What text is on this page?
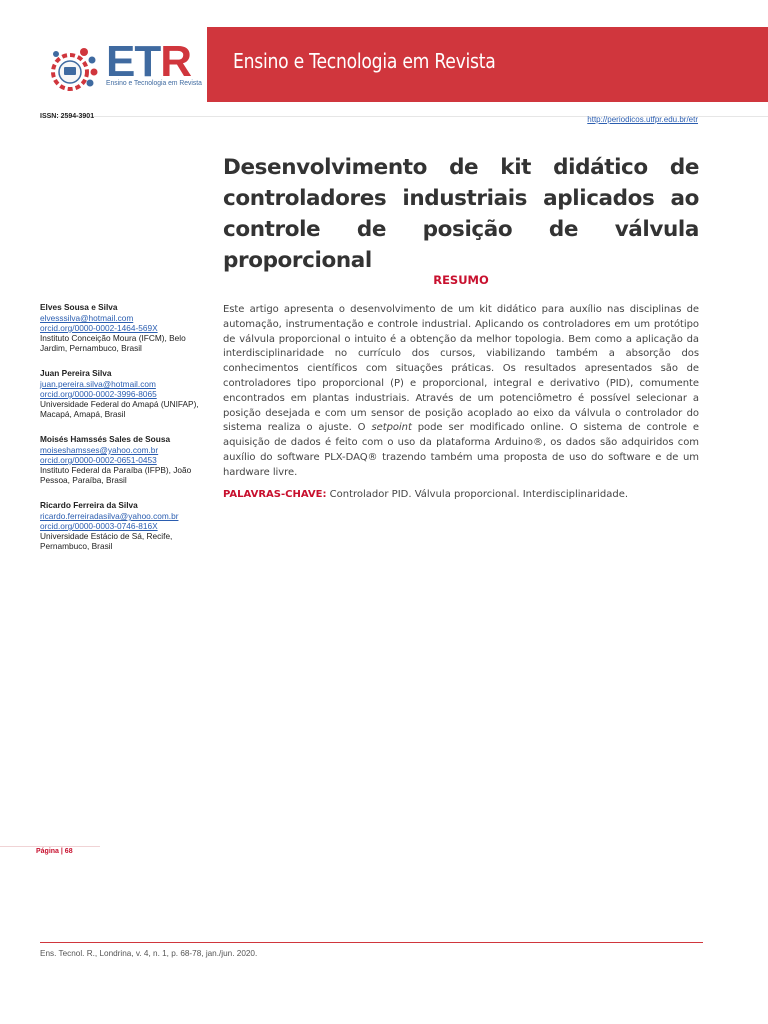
ETR
Ensino e Tecnologia em Revista
Ensino e Tecnologia em Revista
ISSN: 2594-3901	http://periodicos.utfpr.edu.br/etr
Desenvolvimento de kit didático de controladores industriais aplicados ao controle de posição de válvula proporcional
RESUMO
Este artigo apresenta o desenvolvimento de um kit didático para auxílio nas disciplinas de automação, instrumentação e controle industrial. Aplicando os controladores em um protótipo de válvula proporcional o intuito é a obtenção da melhor topologia. Bem como a aplicação da interdisciplinaridade no currículo dos cursos, viabilizando também a absorção dos conhecimentos científicos com situações práticas. Os resultados apresentados são de controladores tipo proporcional (P) e proporcional, integral e derivativo (PID), comumente encontrados em plantas industriais. Através de um potenciômetro é possível selecionar a posição desejada e com um sensor de posição acoplado ao eixo da válvula o controlador do sistema realiza o ajuste. O setpoint pode ser modificado online. O sistema de controle e aquisição de dados é feito com o uso da plataforma Arduino®, os dados são adquiridos com auxílio do software PLX-DAQ® trazendo também uma proposta de uso do software e de um hardware livre.
PALAVRAS-CHAVE: Controlador PID. Válvula proporcional. Interdisciplinaridade.
Elves Sousa e Silva
elvesssilva@hotmail.com
orcid.org/0000-0002-1464-569X
Instituto Conceição Moura (IFCM), Belo Jardim, Pernambuco, Brasil
Juan Pereira Silva
juan.pereira.silva@hotmail.com
orcid.org/0000-0002-3996-8065
Universidade Federal do Amapá (UNIFAP), Macapá, Amapá, Brasil
Moisés Hamssés Sales de Sousa
moiseshamsses@yahoo.com.br
orcid.org/0000-0002-0651-0453
Instituto Federal da Paraíba (IFPB), João Pessoa, Paraíba, Brasil
Ricardo Ferreira da Silva
ricardo.ferreiradasilva@yahoo.com.br
orcid.org/0000-0003-0746-816X
Universidade Estácio de Sá, Recife, Pernambuco, Brasil
Página | 68
Ens. Tecnol. R., Londrina, v. 4, n. 1, p. 68-78, jan./jun. 2020.
